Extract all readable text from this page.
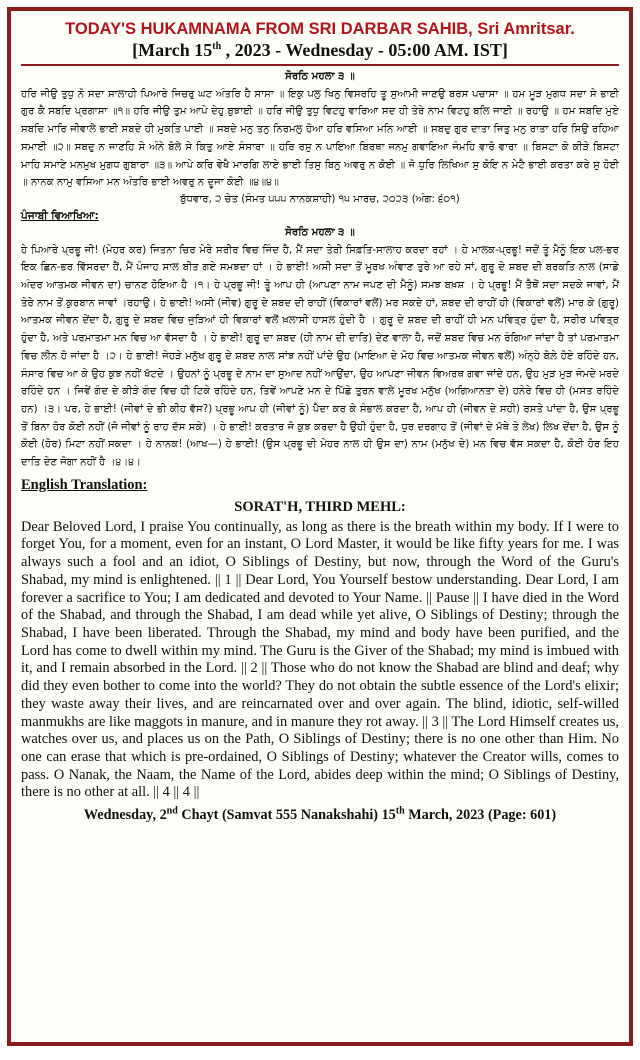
TODAY'S HUKAMNAMA FROM SRI DARBAR SAHIB, Sri Amritsar.
[March 15th , 2023 - Wednesday - 05:00 AM. IST]
ਸੋਰਠਿ ਮਹਲਾ ੩ ॥
ਹਰਿ ਜੀਉ ਤੁਧੁ ਨੋ ਸਦਾ ਸਾਲਾਹੀ ਪਿਆਰੇ ਜਿਚਰੁ ਘਟ ਅੰਤਰਿ ਹੈ ਸਾਸਾ ॥ ਇਕੁ ਪਲੁ ਖਿਨੁ ਵਿਸਰਹਿ ਤੂ ਸੁਆਮੀ ਜਾਣਉ ਬਰਸ ਪਚਾਸਾ ॥ ਹਮ ਮੂੜ ਮੁਗਧ ਸਦਾ ਸੇ ਭਾਈ ਗੁਰ ਕੈ ਸਬਦਿ ਪ੍ਰਗਾਸਾ ॥੧॥ ਹਰਿ ਜੀਉ ਤੁਮ ਆਪੇ ਦੇਹੁ ਬੁਝਾਈ ॥ ਹਰਿ ਜੀਉ ਤੁਧੁ ਵਿਟਹੁ ਵਾਰਿਆ ਸਦ ਹੀ ਤੇਰੇ ਨਾਮ ਵਿਟਹੁ ਬਲਿ ਜਾਈ ॥ ਰਹਾਉ ॥ ਹਮ ਸਬਦਿ ਮੁਏ ਸਬਦਿ ਮਾਰਿ ਜੀਵਾਲੇ ਭਾਈ ਸਬਦੇ ਹੀ ਮੁਕਤਿ ਪਾਈ ॥ ਸਬਦੇ ਮਨੁ ਤਨੁ ਨਿਰਮਲੁ ਹੋਆ ਹਰਿ ਵਸਿਆ ਮਨਿ ਆਈ ॥ ਸਬਦੁ ਗੁਰ ਦਾਤਾ ਜਿਤੁ ਮਨੁ ਰਾਤਾ ਹਰਿ ਸਿਉ ਰਹਿਆ ਸਮਾਈ ॥੨॥ ਸਬਦੁ ਨ ਜਾਣਹਿ ਸੇ ਅੰਨੇ ਬੋਲੇ ਸੇ ਕਿਤੁ ਆਏ ਸੰਸਾਰਾ ॥ ਹਰਿ ਰਸੁ ਨ ਪਾਇਆ ਬਿਰਥਾ ਜਨਮੁ ਗਵਾਇਆ ਜੰਮਹਿ ਵਾਰੋ ਵਾਰਾ ॥ ਬਿਸਟਾ ਕੇ ਕੀੜੇ ਬਿਸਟਾ ਮਾਹਿ ਸਮਾਣੇ ਮਨਮੁਖ ਮੁਗਧ ਗੁਬਾਰਾ ॥੩॥ ਆਪੇ ਕਰਿ ਵੇਖੈ ਮਾਰਗਿ ਲਾਏ ਭਾਈ ਤਿਸੁ ਬਿਨੁ ਅਵਰੁ ਨ ਕੋਈ ॥ ਜੋ ਧੁਰਿ ਲਿਖਿਆ ਸੁ ਕੋਇ ਨ ਮੇਟੈ ਭਾਈ ਕਰਤਾ ਕਰੇ ਸੁ ਹੋਈ ॥ ਨਾਨਕ ਨਾਮੁ ਵਸਿਆ ਮਨ ਅੰਤਰਿ ਭਾਈ ਅਵਰੁ ਨ ਦੂਜਾ ਕੋਈ ॥੪॥੪॥
ਬੁੱਧਵਾਰ, ੨ ਚੇਤ (ਸੰਮਤ ੫੫੫ ਨਾਨਕਸ਼ਾਹੀ) ੧੫ ਮਾਰਚ, ੨੦੨੩ (ਅੰਗ: ੬੦੧)
ਪੰਜਾਬੀ ਵਿਆਖਿਆ:
ਸੋਰਠਿ ਮਹਲਾ ੩ ॥
ਹੇ ਪਿਆਰੇ ਪ੍ਰਭੂ ਜੀ! (ਮੇਹਰ ਕਰ) ਜਿਤਨਾ ਚਿਰ ਮੇਰੇ ਸਰੀਰ ਵਿਚ ਜਿੰਦ ਹੈ, ਮੈਂ ਸਦਾ ਤੇਰੀ ਸਿਫ਼ਤਿ-ਸਾਲਾਹ ਕਰਦਾ ਰਹਾਂ । ਹੇ ਮਾਲਕ-ਪ੍ਰਭੂ! ਜਦੋਂ ਤੂੰ ਮੈਨੂੰ ਇਕ ਪਲ-ਭਰ ਇਕ ਛਿਨ-ਭਰ ਵਿੱਸਰਦਾ ਹੈਂ, ਮੈਂ ਪੰਜਾਹ ਸਾਲ ਬੀਤ ਗਏ ਸਮਝਦਾ ਹਾਂ । ਹੇ ਭਾਈ! ਅਸੀ ਸਦਾ ਤੋਂ ਮੂਰਖ ਅੰਞਾਣ ਤੁਰੇ ਆ ਰਹੇ ਸਾਂ, ਗੁਰੂ ਦੇ ਸ਼ਬਦ ਦੀ ਬਰਕਤਿ ਨਾਲ (ਸਾਡੇ ਅੰਦਰ ਆਤਮਕ ਜੀਵਨ ਦਾ) ਚਾਨਣ ਹੋਇਆ ਹੈ ।੧। ਹੇ ਪ੍ਰਭੂ ਜੀ! ਤੂੰ ਆਪ ਹੀ (ਆਪਣਾ ਨਾਮ ਜਪਣ ਦੀ ਮੈਨੂੰ) ਸਮਝ ਬਖ਼ਸ਼ । ਹੇ ਪ੍ਰਭੂ! ਮੈਂ ਤੈਥੋਂ ਸਦਾ ਸਦਕੇ ਜਾਵਾਂ, ਮੈਂ ਤੇਰੇ ਨਾਮ ਤੋਂ ਕੁਰਬਾਨ ਜਾਵਾਂ ।ਰਹਾਉ। ਹੇ ਭਾਈ! ਅਸੀ (ਜੀਵ) ਗੁਰੂ ਦੇ ਸ਼ਬਦ ਦੀ ਰਾਹੀਂ (ਵਿਕਾਰਾਂ ਵਲੋਂ) ਮਰ ਸਕਦੇ ਹਾਂ, ਸ਼ਬਦ ਦੀ ਰਾਹੀਂ ਹੀ (ਵਿਕਾਰਾਂ ਵਲੋਂ) ਮਾਰ ਕੇ (ਗੁਰੂ) ਆਤਮਕ ਜੀਵਨ ਦੇਂਦਾ ਹੈ, ਗੁਰੂ ਦੇ ਸ਼ਬਦ ਵਿਚ ਜੁੜਿਆਂ ਹੀ ਵਿਕਾਰਾਂ ਵਲੋਂ ਖ਼ਲਾਸੀ ਹਾਸਲ ਹੁੰਦੀ ਹੈ । ਗੁਰੂ ਦੇ ਸ਼ਬਦ ਦੀ ਰਾਹੀਂ ਹੀ ਮਨ ਪਵਿਤ੍ਰ ਹੁੰਦਾ ਹੈ, ਸਰੀਰ ਪਵਿਤ੍ਰ ਹੁੰਦਾ ਹੈ, ਅਤੇ ਪਰਮਾਤਮਾ ਮਨ ਵਿਚ ਆ ਵੱਸਦਾ ਹੈ । ਹੇ ਭਾਈ! ਗੁਰੂ ਦਾ ਸ਼ਬਦ (ਹੀ ਨਾਮ ਦੀ ਦਾਤਿ) ਦੇਣ ਵਾਲਾ ਹੈ, ਜਦੋਂ ਸ਼ਬਦ ਵਿਚ ਮਨ ਰੰਗਿਆ ਜਾਂਦਾ ਹੈ ਤਾਂ ਪਰਮਾਤਮਾ ਵਿਚ ਲੀਨ ਹੋ ਜਾਂਦਾ ਹੈ ।੨। ਹੇ ਭਾਈ! ਜੇਹੜੇ ਮਨੁੱਖ ਗੁਰੂ ਦੇ ਸ਼ਬਦ ਨਾਲ ਸਾਂਝ ਨਹੀਂ ਪਾਂਦੇ ਉਹ (ਮਾਇਆ ਦੇ ਮੋਹ ਵਿਚ ਆਤਮਕ ਜੀਵਨ ਵਲੋਂ) ਅੰਨ੍ਹੇ ਬੋਲ਼ੇ ਹੋਏ ਰਹਿੰਦੇ ਹਨ, ਸੰਸਾਰ ਵਿਚ ਆ ਕੇ ਉਹ ਕੁਝ ਨਹੀਂ ਖੱਟਦੇ । ਉਹਨਾਂ ਨੂੰ ਪ੍ਰਭੂ ਦੇ ਨਾਮ ਦਾ ਸੁਆਦ ਨਹੀਂ ਆਉਂਦਾ, ਉਹ ਆਪਣਾ ਜੀਵਨ ਵਿਅਰਥ ਗਵਾ ਜਾਂਦੇ ਹਨ, ਉਹ ਮੁੜ ਮੁੜ ਜੰਮਦੇ ਮਰਦੇ ਰਹਿੰਦੇ ਹਨ । ਜਿਵੇਂ ਗੰਦ ਦੇ ਕੀੜੇ ਗੰਦ ਵਿਚ ਹੀ ਟਿਕੇ ਰਹਿੰਦੇ ਹਨ, ਤਿਵੇਂ ਆਪਣੇ ਮਨ ਦੇ ਪਿੱਛੇ ਤੁਰਨ ਵਾਲੇ ਮੂਰਖ ਮਨੁੱਖ (ਅਗਿਆਨਤਾ ਦੇ) ਹਨੇਰੇ ਵਿਚ ਹੀ (ਮਸਤ ਰਹਿੰਦੇ ਹਨ) ।੩। ਪਰ, ਹੇ ਭਾਈ! (ਜੀਵਾਂ ਦੇ ਭੀ ਕੀਹ ਵੱਸ?) ਪ੍ਰਭੂ ਆਪ ਹੀ (ਜੀਵਾਂ ਨੂੰ) ਪੈਦਾ ਕਰ ਕੇ ਸੰਭਾਲ ਕਰਦਾ ਹੈ, ਆਪ ਹੀ (ਜੀਵਨ ਦੇ ਸਹੀ) ਰਸਤੇ ਪਾਂਦਾ ਹੈ, ਉਸ ਪ੍ਰਭੂ ਤੋਂ ਬਿਨਾ ਹੋਰ ਕੋਈ ਨਹੀਂ (ਜੋ ਜੀਵਾਂ ਨੂੰ ਰਾਹ ਦੱਸ ਸਕੇ) । ਹੇ ਭਾਈ! ਕਰਤਾਰ ਜੋ ਕੁਝ ਕਰਦਾ ਹੈ ਉਹੀ ਹੁੰਦਾ ਹੈ, ਧੁਰ ਦਰਗਾਹ ਤੋਂ (ਜੀਵਾਂ ਦੇ ਮੱਥੇ ਤੇ ਲੇਖ) ਲਿਖ ਦੇਂਦਾ ਹੈ, ਉਸ ਨੂੰ ਕੋਈ (ਹੋਰ) ਮਿਟਾ ਨਹੀਂ ਸਕਦਾ । ਹੇ ਨਾਨਕ! (ਆਖ—) ਹੇ ਭਾਈ! (ਉਸ ਪ੍ਰਭੂ ਦੀ ਮੇਹਰ ਨਾਲ ਹੀ ਉਸ ਦਾ) ਨਾਮ (ਮਨੁੱਖ ਦੇ) ਮਨ ਵਿਚ ਵੱਸ ਸਕਦਾ ਹੈ, ਕੋਈ ਹੋਰ ਇਹ ਦਾਤਿ ਦੇਣ ਜੋਗਾ ਨਹੀਂ ਹੈ ।੪।੪।
English Translation:
SORAT'H, THIRD MEHL:
Dear Beloved Lord, I praise You continually, as long as there is the breath within my body. If I were to forget You, for a moment, even for an instant, O Lord Master, it would be like fifty years for me. I was always such a fool and an idiot, O Siblings of Destiny, but now, through the Word of the Guru's Shabad, my mind is enlightened. || 1 || Dear Lord, You Yourself bestow understanding. Dear Lord, I am forever a sacrifice to You; I am dedicated and devoted to Your Name. || Pause || I have died in the Word of the Shabad, and through the Shabad, I am dead while yet alive, O Siblings of Destiny; through the Shabad, I have been liberated. Through the Shabad, my mind and body have been purified, and the Lord has come to dwell within my mind. The Guru is the Giver of the Shabad; my mind is imbued with it, and I remain absorbed in the Lord. || 2 || Those who do not know the Shabad are blind and deaf; why did they even bother to come into the world? They do not obtain the subtle essence of the Lord's elixir; they waste away their lives, and are reincarnated over and over again. The blind, idiotic, self-willed manmukhs are like maggots in manure, and in manure they rot away. || 3 || The Lord Himself creates us, watches over us, and places us on the Path, O Siblings of Destiny; there is no one other than Him. No one can erase that which is pre-ordained, O Siblings of Destiny; whatever the Creator wills, comes to pass. O Nanak, the Naam, the Name of the Lord, abides deep within the mind; O Siblings of Destiny, there is no other at all. || 4 || 4 ||
Wednesday, 2nd Chayt (Samvat 555 Nanakshahi) 15th March, 2023 (Page: 601)
